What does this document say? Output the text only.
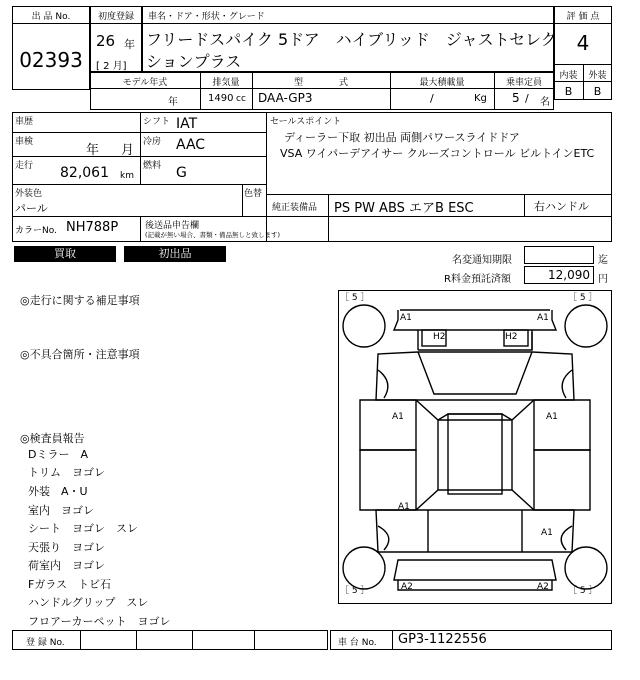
出 品 No.
02393
初度登録
26 年
[ 2 月]
車名・ドア・形状・グレード
フリードスパイク 5ドア　ハイブリッド　ジャストセレク
ションプラス
評 価 点
4
内装	外装
B	B
モデル年式	排気量	型　　　　式	最大積載量	乗車定員
年	1490 cc DAA-GP3	/	Kg 5 / 名
車歴
車検
年 月
走行 82,061 km
シフト IAT
冷房 AAC
燃料 G
セールスポイント
ディーラー下取 初出品 両側パワースライドドア
VSA ワイパーデアイサー クルーズコントロール ビルトインETC
外装色
パール
色替
純正装備品 PS PW ABS エアB ESC	右ハンドル
カラーNo. NH788P	後送品申告欄
(記載が無い場合、書類・備品無しと致します)
買取	初出品
名変通知期限	迄
R料金預託済額	12,090 円
◎走行に関する補足事項
◎不具合箇所・注意事項
◎検査員報告
Dミラー　A
トリム　ヨゴレ
外装　A・U
室内　ヨゴレ
シート　ヨゴレ　スレ
天張り　ヨゴレ
荷室内　ヨゴレ
Fガラス　トビ石
ハンドルグリップ　スレ
フロアーカーペット　ヨゴレ
［ 5 ］	［ 5 ］
［ 5 ］	［ 5 ］
A1	A1
H2	H2
A1	A1
A1
A1
A2	A2
登 録 No.	車 台 No. GP3-1122556
